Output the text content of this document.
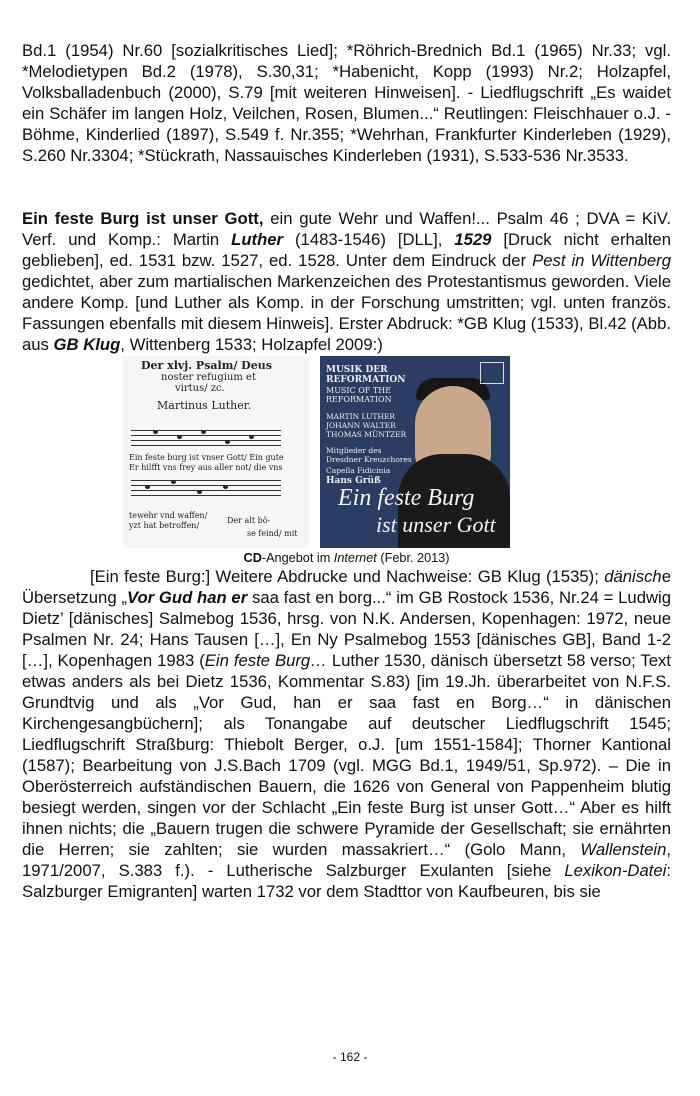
Bd.1 (1954) Nr.60 [sozialkritisches Lied]; *Röhrich-Brednich Bd.1 (1965) Nr.33; vgl. *Melodietypen Bd.2 (1978), S.30,31; *Habenicht, Kopp (1993) Nr.2; Holzapfel, Volksballadenbuch (2000), S.79 [mit weiteren Hinweisen]. - Liedflugschrift „Es waidet ein Schäfer im langen Holz, Veilchen, Rosen, Blumen...“ Reutlingen: Fleischhauer o.J. - Böhme, Kinderlied (1897), S.549 f. Nr.355; *Wehrhan, Frankfurter Kinderleben (1929), S.260 Nr.3304; *Stückrath, Nassauisches Kinderleben (1931), S.533-536 Nr.3533.

Ein feste Burg ist unser Gott, ein gute Wehr und Waffen!... Psalm 46 ; DVA = KiV. Verf. und Komp.: Martin Luther (1483-1546) [DLL], 1529 [Druck nicht erhalten geblieben], ed. 1531 bzw. 1527, ed. 1528. Unter dem Eindruck der Pest in Wittenberg gedichtet, aber zum martialischen Markenzeichen des Protestantismus geworden. Viele andere Komp. [und Luther als Komp. in der Forschung umstritten; vgl. unten französ. Fassungen ebenfalls mit diesem Hinweis]. Erster Abdruck: *GB Klug (1533), Bl.42 (Abb. aus GB Klug, Wittenberg 1533; Holzapfel 2009:)

Der xlvj. Psalm/ Deus
noster refugium et
virtus/ zc.
Martinus Luther.
Ein feste burg ist vnser Gott/ Ein gute
Er hilfft vns frey aus aller not/ die vns
tewehr vnd waffen/
yzt hat betroffen/
Der alt bö-
se feind/ mit
MUSIK DER
REFORMATION
MUSIC OF THE
REFORMATION
MARTIN LUTHER
JOHANN WALTER
THOMAS MÜNTZER
Mitglieder des
Dresdner Kreuzchores
Capella Fidicinia
Hans Grüß
Ein feste Burg
ist unser Gott

CD-Angebot im Internet (Febr. 2013)

[Ein feste Burg:] Weitere Abdrucke und Nachweise: GB Klug (1535); dänische Übersetzung „Vor Gud han er saa fast en borg...“ im GB Rostock 1536, Nr.24 = Ludwig Dietz’ [dänisches] Salmebog 1536, hrsg. von N.K. Andersen, Kopenhagen: 1972, neue Psalmen Nr. 24; Hans Tausen […], En Ny Psalmebog 1553 [dänisches GB], Band 1-2 […], Kopenhagen 1983 (Ein feste Burg… Luther 1530, dänisch übersetzt 58 verso; Text etwas anders als bei Dietz 1536, Kommentar S.83) [im 19.Jh. überarbeitet von N.F.S. Grundtvig und als „Vor Gud, han er saa fast en Borg…“ in dänischen Kirchengesangbüchern]; als Tonangabe auf deutscher Liedflugschrift 1545; Liedflugschrift Straßburg: Thiebolt Berger, o.J. [um 1551-1584]; Thorner Kantional (1587); Bearbeitung von J.S.Bach 1709 (vgl. MGG Bd.1, 1949/51, Sp.972). – Die in Oberösterreich aufständischen Bauern, die 1626 von General von Pappenheim blutig besiegt werden, singen vor der Schlacht „Ein feste Burg ist unser Gott…“ Aber es hilft ihnen nichts; die „Bauern trugen die schwere Pyramide der Gesellschaft; sie ernährten die Herren; sie zahlten; sie wurden massakriert…“ (Golo Mann, Wallenstein, 1971/2007, S.383 f.). - Lutherische Salzburger Exulanten [siehe Lexikon-Datei: Salzburger Emigranten] warten 1732 vor dem Stadttor von Kaufbeuren, bis sie

- 162 -
